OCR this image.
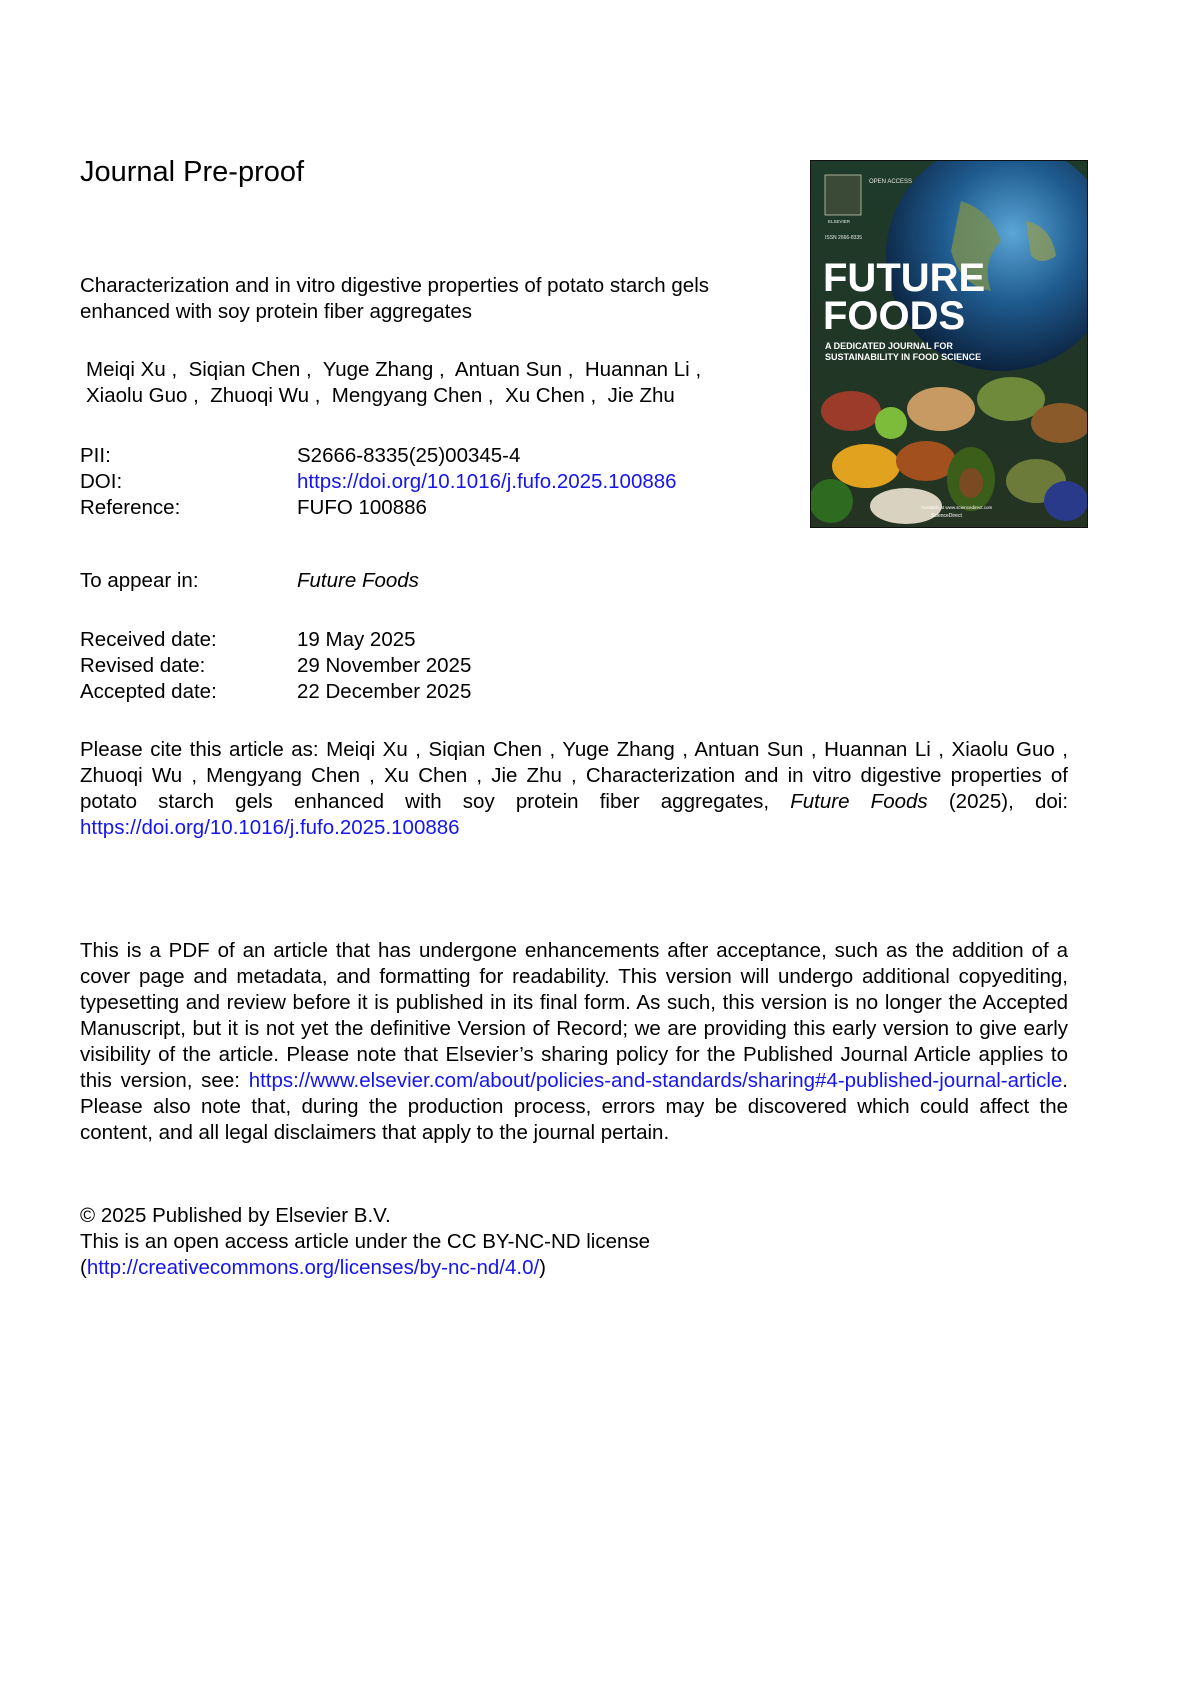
Journal Pre-proof
Characterization and in vitro digestive properties of potato starch gels enhanced with soy protein fiber aggregates
Meiqi Xu ,  Siqian Chen ,  Yuge Zhang ,  Antuan Sun ,  Huannan Li ,
Xiaolu Guo ,  Zhuoqi Wu ,  Mengyang Chen ,  Xu Chen ,  Jie Zhu
PII:	S2666-8335(25)00345-4
DOI:	https://doi.org/10.1016/j.fufo.2025.100886
Reference:	FUFO 100886
To appear in:	Future Foods
Received date:	19 May 2025
Revised date:	29 November 2025
Accepted date:	22 December 2025
Please cite this article as: Meiqi Xu , Siqian Chen , Yuge Zhang , Antuan Sun , Huannan Li , Xiaolu Guo , Zhuoqi Wu , Mengyang Chen , Xu Chen , Jie Zhu , Characterization and in vitro digestive properties of potato starch gels enhanced with soy protein fiber aggregates, Future Foods (2025), doi: https://doi.org/10.1016/j.fufo.2025.100886
This is a PDF of an article that has undergone enhancements after acceptance, such as the addition of a cover page and metadata, and formatting for readability. This version will undergo additional copyediting, typesetting and review before it is published in its final form. As such, this version is no longer the Accepted Manuscript, but it is not yet the definitive Version of Record; we are providing this early version to give early visibility of the article. Please note that Elsevier’s sharing policy for the Published Journal Article applies to this version, see: https://www.elsevier.com/about/policies-and-standards/sharing#4-published-journal-article. Please also note that, during the production process, errors may be discovered which could affect the content, and all legal disclaimers that apply to the journal pertain.
© 2025 Published by Elsevier B.V.
This is an open access article under the CC BY-NC-ND license
(http://creativecommons.org/licenses/by-nc-nd/4.0/)
OPEN ACCESS
ELSEVIER
ISSN 2666-8335
FUTURE
FOODS
A DEDICATED JOURNAL FOR
SUSTAINABILITY IN FOOD SCIENCE
Available at www.sciencedirect.com
ScienceDirect
